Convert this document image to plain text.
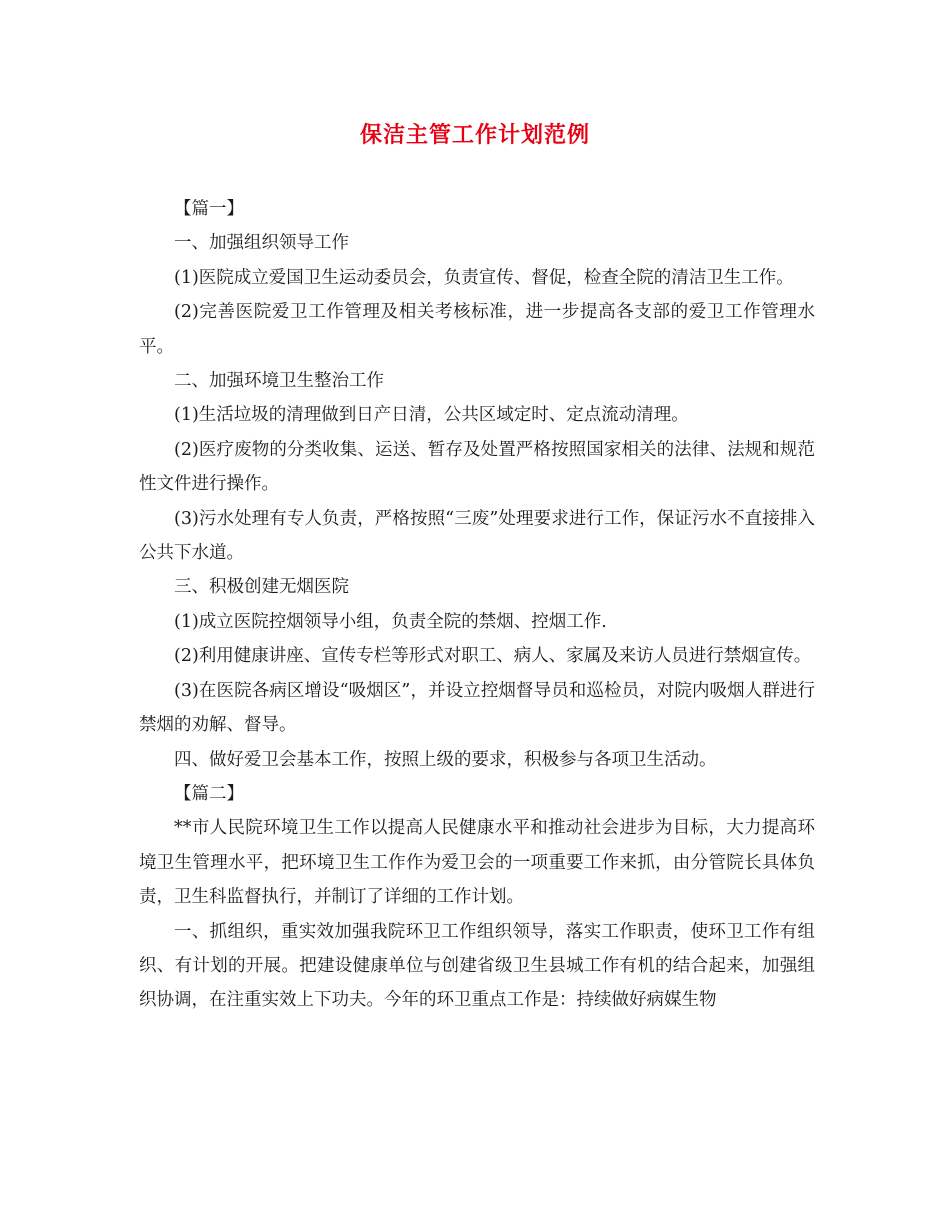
保洁主管工作计划范例

【篇一】

一、加强组织领导工作

(1)医院成立爱国卫生运动委员会，负责宣传、督促，检查全院的清洁卫生工作。

(2)完善医院爱卫工作管理及相关考核标准，进一步提高各支部的爱卫工作管理水平。

二、加强环境卫生整治工作

(1)生活垃圾的清理做到日产日清，公共区域定时、定点流动清理。

(2)医疗废物的分类收集、运送、暂存及处置严格按照国家相关的法律、法规和规范性文件进行操作。

(3)污水处理有专人负责，严格按照“三废”处理要求进行工作，保证污水不直接排入公共下水道。

三、积极创建无烟医院

(1)成立医院控烟领导小组，负责全院的禁烟、控烟工作.

(2)利用健康讲座、宣传专栏等形式对职工、病人、家属及来访人员进行禁烟宣传。

(3)在医院各病区增设“吸烟区”，并设立控烟督导员和巡检员，对院内吸烟人群进行禁烟的劝解、督导。

四、做好爱卫会基本工作，按照上级的要求，积极参与各项卫生活动。

【篇二】

**市人民院环境卫生工作以提高人民健康水平和推动社会进步为目标，大力提高环境卫生管理水平，把环境卫生工作作为爱卫会的一项重要工作来抓，由分管院长具体负责，卫生科监督执行，并制订了详细的工作计划。

一、抓组织，重实效加强我院环卫工作组织领导，落实工作职责，使环卫工作有组织、有计划的开展。把建设健康单位与创建省级卫生县城工作有机的结合起来，加强组织协调，在注重实效上下功夫。今年的环卫重点工作是：持续做好病媒生物
